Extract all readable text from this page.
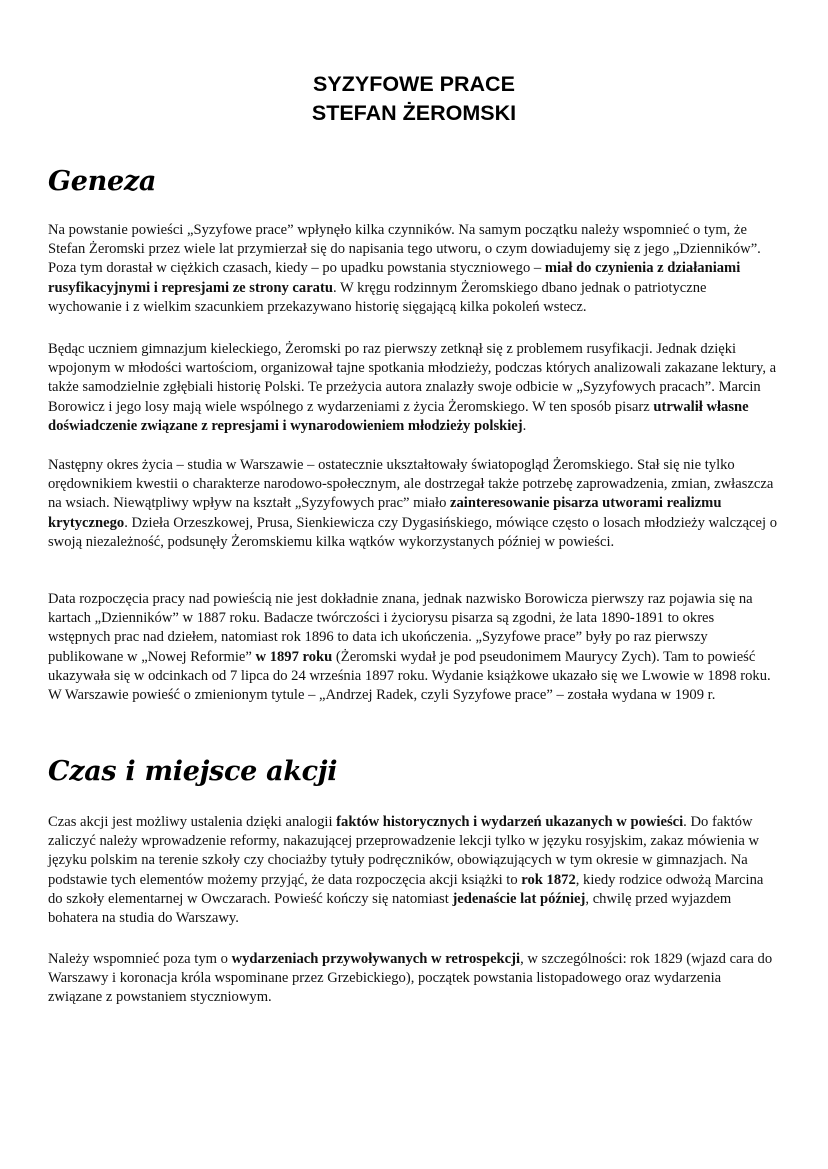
SYZYFOWE PRACE
STEFAN ŻEROMSKI
Geneza

Na powstanie powieści „Syzyfowe prace” wpłynęło kilka czynników. Na samym początku należy wspomnieć o tym, że Stefan Żeromski przez wiele lat przymierzał się do napisania tego utworu, o czym dowiadujemy się z jego „Dzienników”. Poza tym dorastał w ciężkich czasach, kiedy – po upadku powstania styczniowego – miał do czynienia z działaniami rusyfikacyjnymi i represjami ze strony caratu. W kręgu rodzinnym Żeromskiego dbano jednak o patriotyczne wychowanie i z wielkim szacunkiem przekazywano historię sięgającą kilka pokoleń wstecz.

Będąc uczniem gimnazjum kieleckiego, Żeromski po raz pierwszy zetknął się z problemem rusyfikacji. Jednak dzięki wpojonym w młodości wartościom, organizował tajne spotkania młodzieży, podczas których analizowali zakazane lektury, a także samodzielnie zgłębiali historię Polski. Te przeżycia autora znalazły swoje odbicie w „Syzyfowych pracach”. Marcin Borowicz i jego losy mają wiele wspólnego z wydarzeniami z życia Żeromskiego. W ten sposób pisarz utrwalił własne doświadczenie związane z represjami i wynarodowieniem młodzieży polskiej.

Następny okres życia – studia w Warszawie – ostatecznie ukształtowały światopogląd Żeromskiego. Stał się nie tylko orędownikiem kwestii o charakterze narodowo-społecznym, ale dostrzegał także potrzebę zaprowadzenia, zmian, zwłaszcza na wsiach. Niewątpliwy wpływ na kształt „Syzyfowych prac” miało zainteresowanie pisarza utworami realizmu krytycznego. Dzieła Orzeszkowej, Prusa, Sienkiewicza czy Dygasińskiego, mówiące często o losach młodzieży walczącej o swoją niezależność, podsunęły Żeromskiemu kilka wątków wykorzystanych później w powieści.

Data rozpoczęcia pracy nad powieścią nie jest dokładnie znana, jednak nazwisko Borowicza pierwszy raz pojawia się na kartach „Dzienników” w 1887 roku. Badacze twórczości i życiorysu pisarza są zgodni, że lata 1890-1891 to okres wstępnych prac nad dziełem, natomiast rok 1896 to data ich ukończenia. „Syzyfowe prace” były po raz pierwszy publikowane w „Nowej Reformie” w 1897 roku (Żeromski wydał je pod pseudonimem Maurycy Zych). Tam to powieść ukazywała się w odcinkach od 7 lipca do 24 września 1897 roku. Wydanie książkowe ukazało się we Lwowie w 1898 roku. W Warszawie powieść o zmienionym tytule – „Andrzej Radek, czyli Syzyfowe prace” – została wydana w 1909 r.

Czas i miejsce akcji

Czas akcji jest możliwy ustalenia dzięki analogii faktów historycznych i wydarzeń ukazanych w powieści. Do faktów zaliczyć należy wprowadzenie reformy, nakazującej przeprowadzenie lekcji tylko w języku rosyjskim, zakaz mówienia w języku polskim na terenie szkoły czy chociażby tytuły podręczników, obowiązujących w tym okresie w gimnazjach. Na podstawie tych elementów możemy przyjąć, że data rozpoczęcia akcji książki to rok 1872, kiedy rodzice odwożą Marcina do szkoły elementarnej w Owczarach. Powieść kończy się natomiast jedenaście lat później, chwilę przed wyjazdem bohatera na studia do Warszawy.

Należy wspomnieć poza tym o wydarzeniach przywoływanych w retrospekcji, w szczególności: rok 1829 (wjazd cara do Warszawy i koronacja króla wspominane przez Grzebickiego), początek powstania listopadowego oraz wydarzenia związane z powstaniem styczniowym.
